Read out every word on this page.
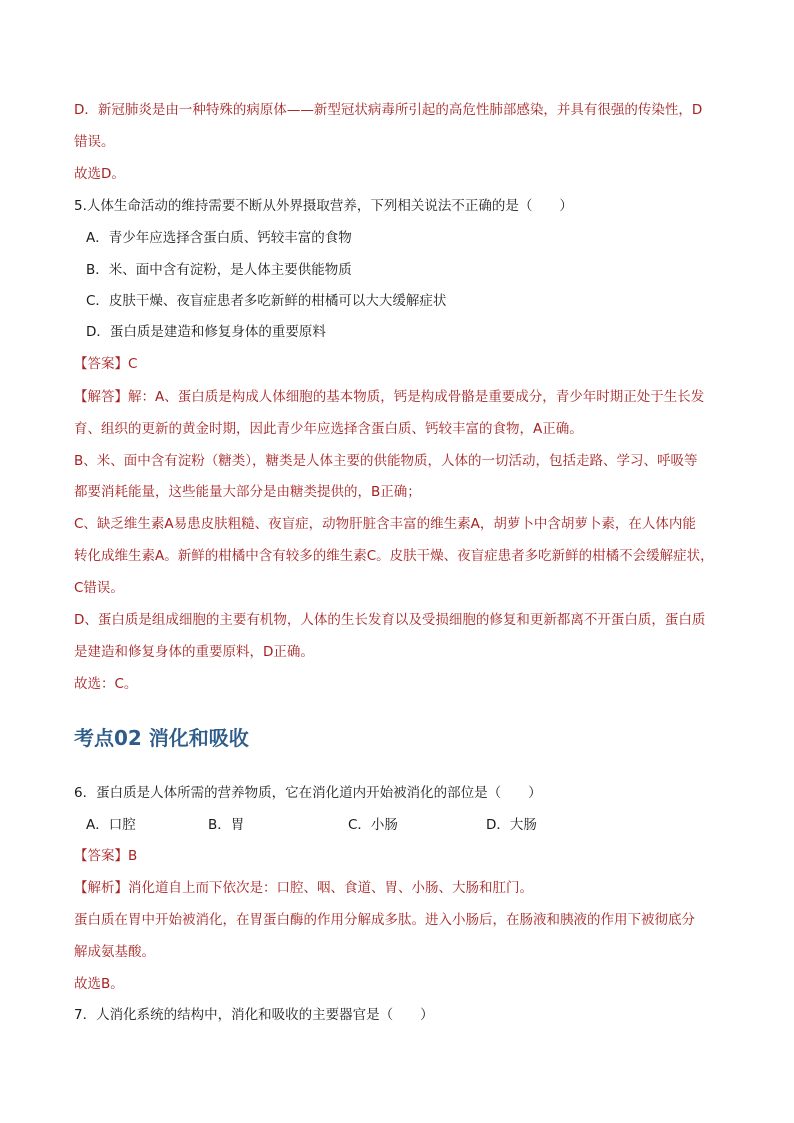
D．新冠肺炎是由一种特殊的病原体——新型冠状病毒所引起的高危性肺部感染，并具有很强的传染性，D
错误。
故选D。
5.人体生命活动的维持需要不断从外界摄取营养，下列相关说法不正确的是（　　）
A．青少年应选择含蛋白质、钙较丰富的食物
B．米、面中含有淀粉，是人体主要供能物质
C．皮肤干燥、夜盲症患者多吃新鲜的柑橘可以大大缓解症状
D．蛋白质是建造和修复身体的重要原料
【答案】C
【解答】解：A、蛋白质是构成人体细胞的基本物质，钙是构成骨骼是重要成分，青少年时期正处于生长发
育、组织的更新的黄金时期，因此青少年应选择含蛋白质、钙较丰富的食物，A正确。
B、米、面中含有淀粉（糖类），糖类是人体主要的供能物质，人体的一切活动，包括走路、学习、呼吸等
都要消耗能量，这些能量大部分是由糖类提供的，B正确；
C、缺乏维生素A易患皮肤粗糙、夜盲症，动物肝脏含丰富的维生素A，胡萝卜中含胡萝卜素，在人体内能
转化成维生素A。新鲜的柑橘中含有较多的维生素C。皮肤干燥、夜盲症患者多吃新鲜的柑橘不会缓解症状，
C错误。
D、蛋白质是组成细胞的主要有机物，人体的生长发育以及受损细胞的修复和更新都离不开蛋白质，蛋白质
是建造和修复身体的重要原料，D正确。
故选：C。
考点02 消化和吸收
6．蛋白质是人体所需的营养物质，它在消化道内开始被消化的部位是（　　）
A．口腔	B．胃	C．小肠	D．大肠
【答案】B
【解析】消化道自上而下依次是：口腔、咽、食道、胃、小肠、大肠和肛门。
蛋白质在胃中开始被消化，在胃蛋白酶的作用分解成多肽。进入小肠后，在肠液和胰液的作用下被彻底分
解成氨基酸。
故选B。
7．人消化系统的结构中，消化和吸收的主要器官是（　　）
